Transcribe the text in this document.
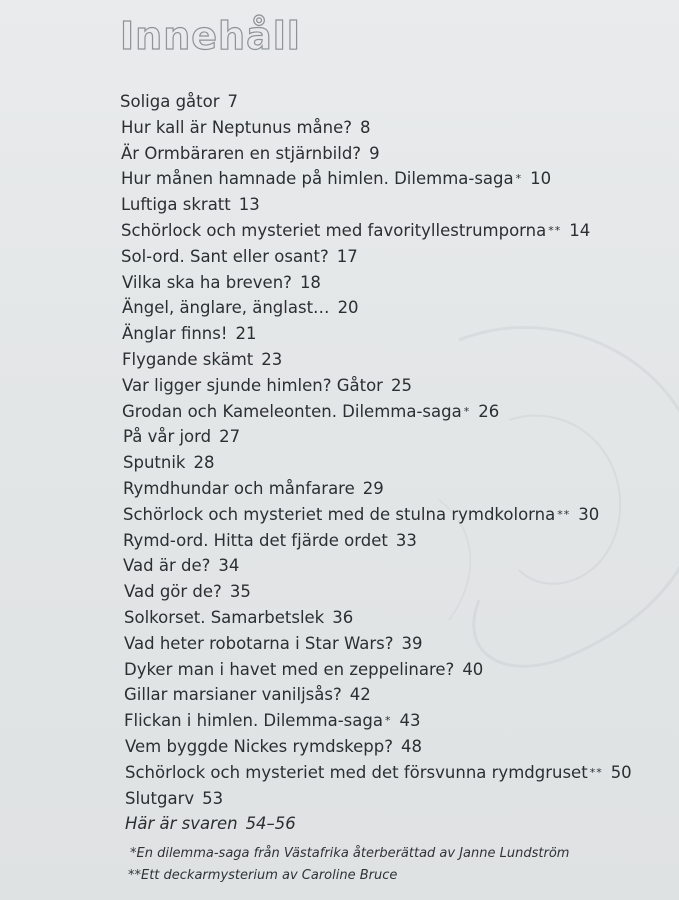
Innehåll
Soliga gåtor 7
Hur kall är Neptunus måne? 8
Är Ormbäraren en stjärnbild? 9
Hur månen hamnade på himlen. Dilemma-saga * 10
Luftiga skratt 13
Schörlock och mysteriet med favorityllestrumporna ** 14
Sol-ord. Sant eller osant? 17
Vilka ska ha breven? 18
Ängel, änglare, änglast… 20
Änglar finns! 21
Flygande skämt 23
Var ligger sjunde himlen? Gåtor 25
Grodan och Kameleonten. Dilemma-saga * 26
På vår jord 27
Sputnik 28
Rymdhundar och månfarare 29
Schörlock och mysteriet med de stulna rymdkolorna ** 30
Rymd-ord. Hitta det fjärde ordet 33
Vad är de? 34
Vad gör de? 35
Solkorset. Samarbetslek 36
Vad heter robotarna i Star Wars? 39
Dyker man i havet med en zeppelinare? 40
Gillar marsianer vaniljsås? 42
Flickan i himlen. Dilemma-saga * 43
Vem byggde Nickes rymdskepp? 48
Schörlock och mysteriet med det försvunna rymdgruset ** 50
Slutgarv 53
Här är svaren 54–56
*En dilemma-saga från Västafrika återberättad av Janne Lundström
**Ett deckarmysterium av Caroline Bruce
